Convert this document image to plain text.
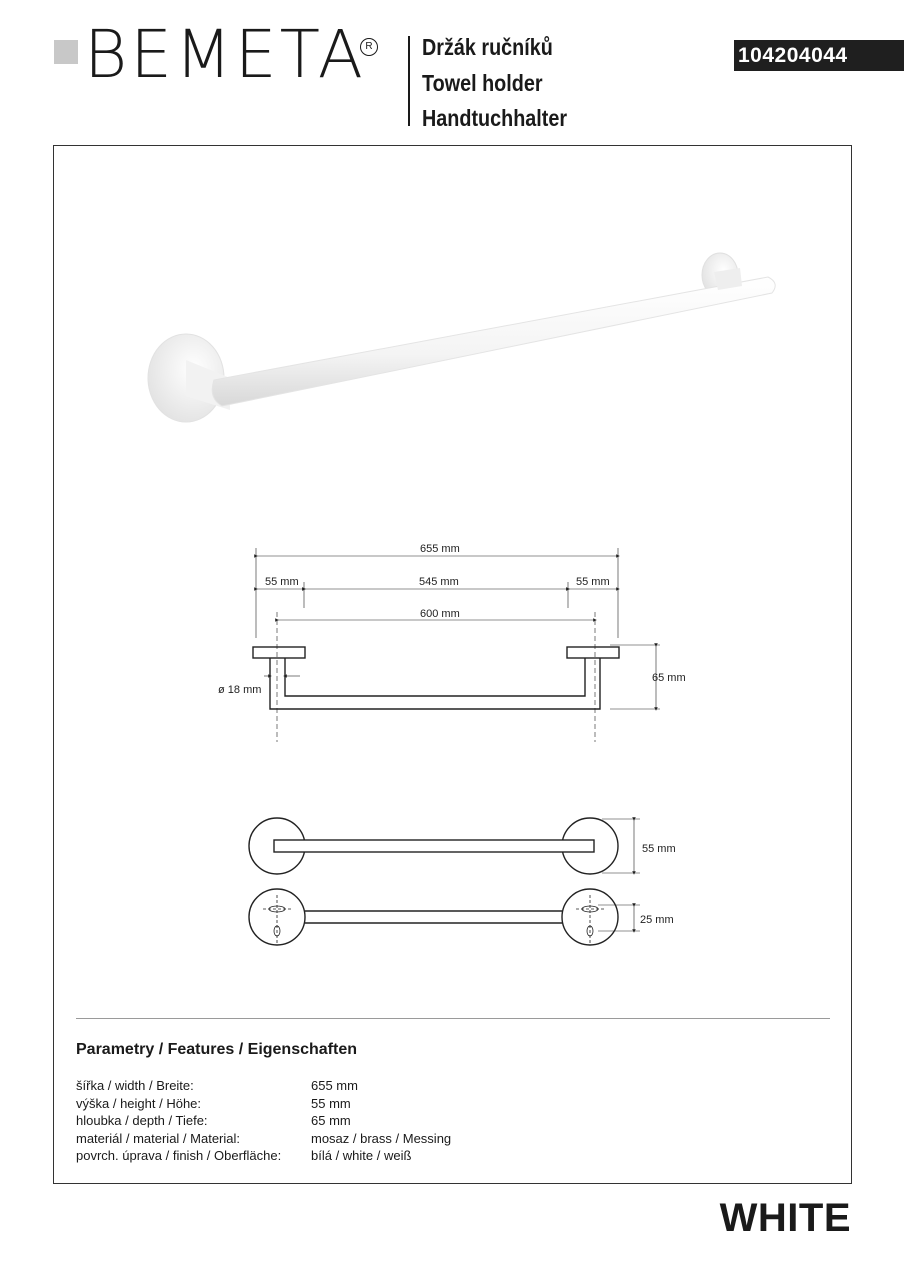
BEMETA R Držák ručníků
Towel holder
Handtuchhalter
104204044
655 mm
55 mm	545 mm	55 mm
600 mm
65 mm
ø 18 mm
55 mm
25 mm
Parametry / Features / Eigenschaften
šířka / width / Breite:	655 mm
výška / height / Höhe:	55 mm
hloubka / depth / Tiefe:	65 mm
materiál / material / Material:	mosaz / brass / Messing
povrch. úprava / finish / Oberfläche: bílá / white / weiß
WHITE
